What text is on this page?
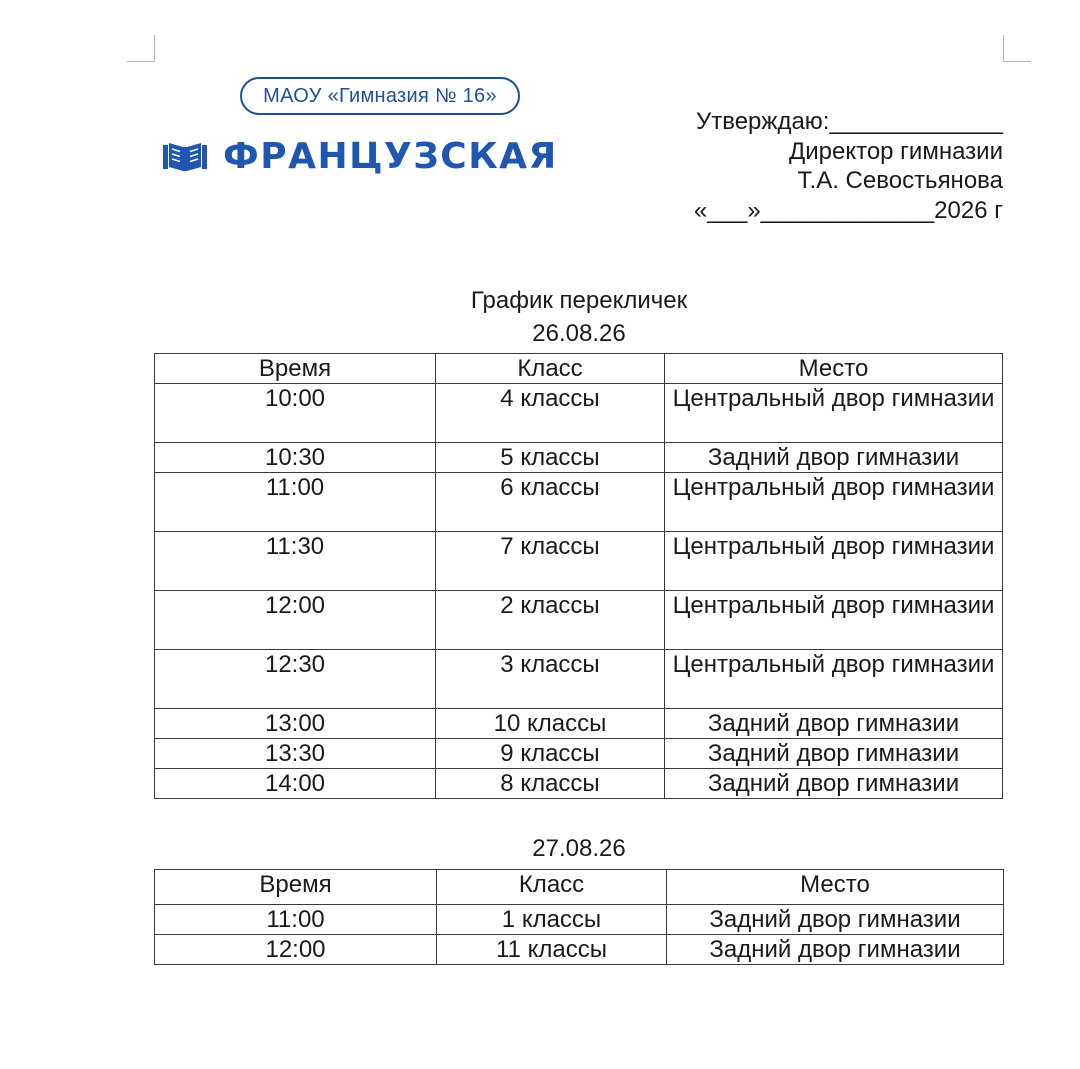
МАОУ «Гимназия № 16»
ФРАНЦУЗСКАЯ
Утверждаю:_____________
Директор гимназии
Т.А. Севостьянова
«___»_____________2026 г
График перекличек
26.08.26
Время	Класс	Место
10:00	4 классы	Центральный двор гимназии
10:30	5 классы	Задний двор гимназии
11:00	6 классы	Центральный двор гимназии
11:30	7 классы	Центральный двор гимназии
12:00	2 классы	Центральный двор гимназии
12:30	3 классы	Центральный двор гимназии
13:00	10 классы	Задний двор гимназии
13:30	9 классы	Задний двор гимназии
14:00	8 классы	Задний двор гимназии
27.08.26
Время	Класс	Место
11:00	1 классы	Задний двор гимназии
12:00	11 классы	Задний двор гимназии
